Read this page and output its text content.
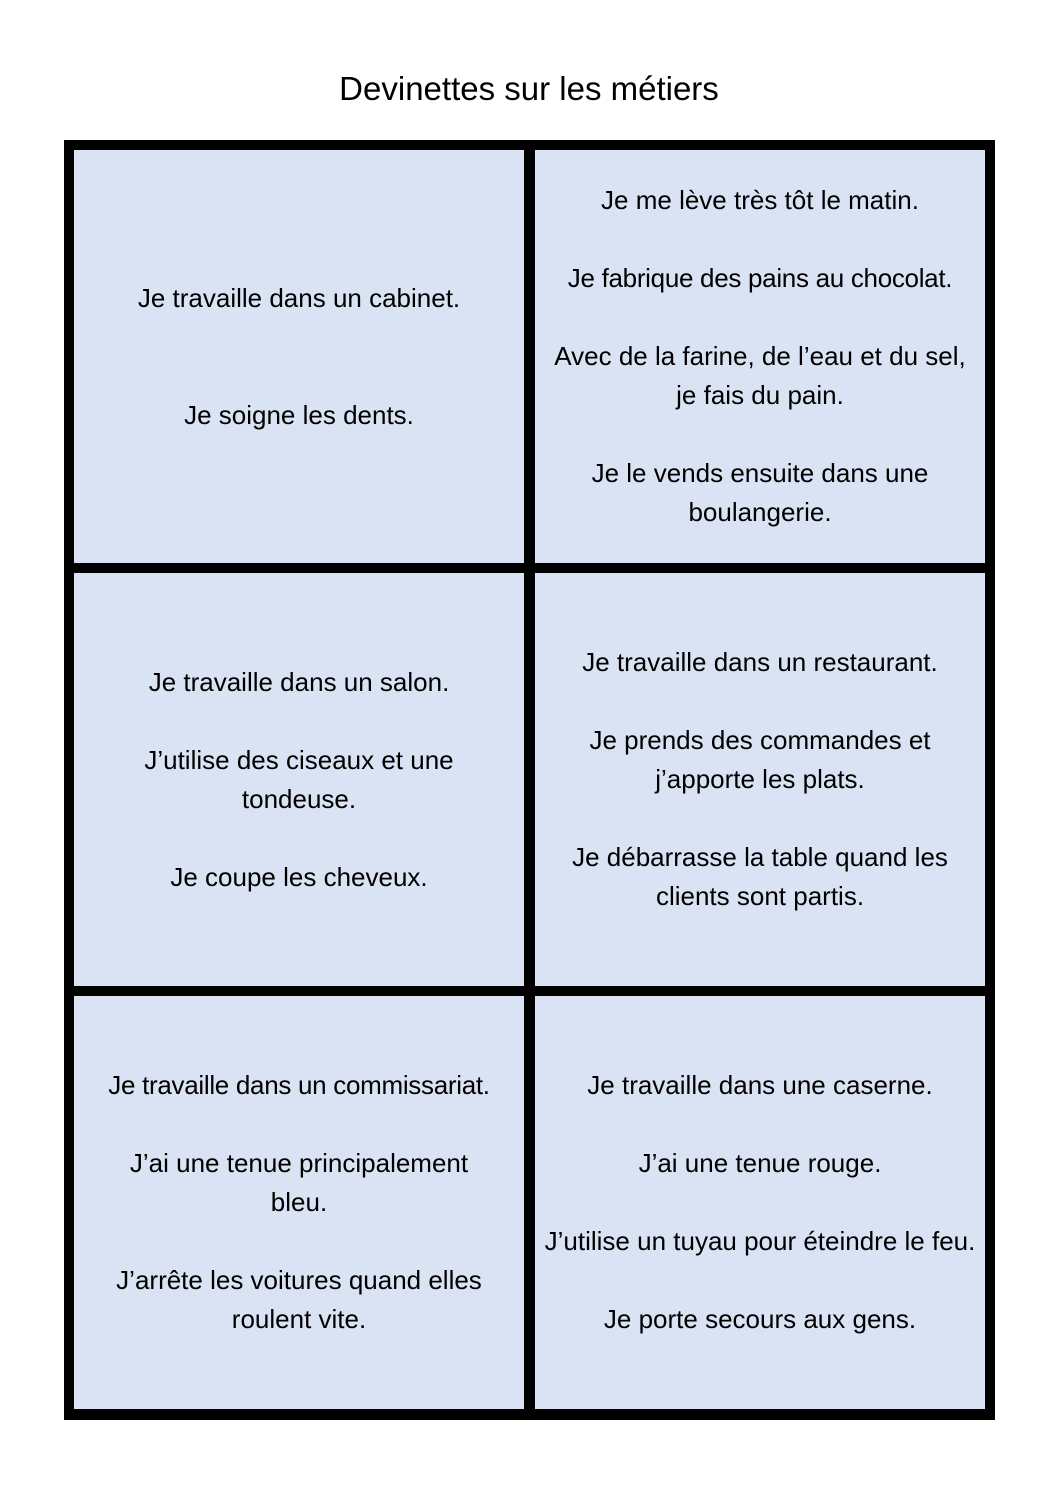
Devinettes sur les métiers

Je travaille dans un cabinet.

Je soigne les dents.

Je me lève très tôt le matin.

Je fabrique des pains au chocolat.

Avec de la farine, de l’eau et du sel, je fais du pain.

Je le vends ensuite dans une boulangerie.

Je travaille dans un salon.

J’utilise des ciseaux et une tondeuse.

Je coupe les cheveux.

Je travaille dans un restaurant.

Je prends des commandes et j’apporte les plats.

Je débarrasse la table quand les clients sont partis.

Je travaille dans un commissariat.

J’ai une tenue principalement bleu.

J’arrête les voitures quand elles roulent vite.

Je travaille dans une caserne.

J’ai une tenue rouge.

J’utilise un tuyau pour éteindre le feu.

Je porte secours aux gens.
